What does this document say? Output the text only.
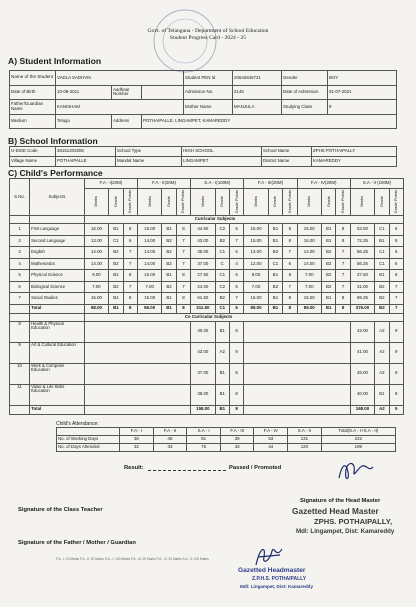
Govt. of Telangana - Department of School Education
Student Progress Card - 2024 - 25
A) Student Information
Name of the Student	VADLA SADHVIK			Student PEN Id	20642846721	Gender	BOY
Date of Birth	10-08-2011	Aadhaar Number		Admission No.	2146	Date of Admission	01-07-2021
Father/Guardian Name	KANISHAM			Mother Name	MANJULA	Studying Class	9
Medium	Telugu	Address	POTHAIPALLE, LINGAMPET, KAMAREDDY				
B) School Information
U-DISE Code	36151203306	School Type	HIGH SCHOOL	School Name	ZPHS POTHAIPALLY
Village Name	POTHAIPALLE	Mandal Name	LINGAMPET	District Name	KAMAREDDY
C) Child's Performance
S.No.	Subjects	F.A - I(20M)			F.A - II(20M)			S.A - I(100M)			F.A - III(20M)			F.A - IV(20M)			S.A - II (100M)		
		Marks	Grade	Grade Points	Marks	Grade	Grade Points	Marks	Grade	Grade Points	Marks	Grade	Grade Points	Marks	Grade	Grade Points	Marks	Grade	Grade Points
		Curricular Subjects																	
1	First Language	16.00	B1	8	15.00	B1	8	44.50	C2	5	15.00	B1	8	16.00	B1	8	53.50	C1	6
2	Second Language	13.00	C1	6	14.00	B2	7	43.00	B2	7	15.00	B1	8	16.00	B1	8	72.25	B1	8
3	English	14.00	B2	7	14.00	B2	7	35.00	C1	6	13.00	B2	7	14.00	B2	7	56.25	C1	6
4	Mathematics	14.00	B2	7	14.00	B2	7	37.00	C	4	12.00	C1	6	14.00	B2	7	56.25	C1	6
5	Physical Science	8.00	B1	8	15.00	B1	8	27.50	C1	6	8.00	B1	8	7.00	B2	7	37.50	B1	8
6	Biological Science	7.00	B2	7	7.00	B2	7	24.00	C2	5	7.00	B2	7	7.00	B2	7	31.00	B2	7
7	Social Studies	16.00	B1	8	15.00	B1	8	61.50	B2	7	16.00	B1	8	15.00	B1	8	69.25	B2	7
	Total	88.00	B1	8	86.00	B1	8	311.50	C1	6	86.00	B1	8	89.00	B1	8	376.00	B2	7
		Co Curricular Subjects																	
8	Health & Physical Education							40.00	B1	8							42.00	A2	9
9	Art & Cultural Education							43.00	A2	9							41.00	A2	9
10	Work & Computer Education							37.00	B1	8							45.00	A2	9
11	Value & Life Skills Education							38.00	B1	8							40.00	B1	8
	Total							158.00	B1	8							168.00	A2	9
Child's Attendance:
	F.A - I	F.A - II	S.A - I	F.A - III	F.A - IV	S.A - II	Total(S.A - I+S.A - II)
No. of Working Days	36	46	91	39	53	131	222
No. of Days Attended	32	33	76	33	44	120	199
Result:	Passed / Promoted
Signature of the Head Master
Gazetted Head Master
ZPHS. POTHAIPALLY,
Mdl: Lingampet, Dist: Kamareddy
Signature of the Class Teacher
Signature of the Father / Mother / Guardian
F.A - I: 20 Marks F.A - II: 20 Marks S.A - I: 100 Marks F.A - III: 20 Marks F.A - IV: 20 Marks S.A - II: 100 Marks
Gazetted Headmaster
Z.P.H.S. POTHAIPALLY
Mdl: Lingampet, Dist: Kamareddy
